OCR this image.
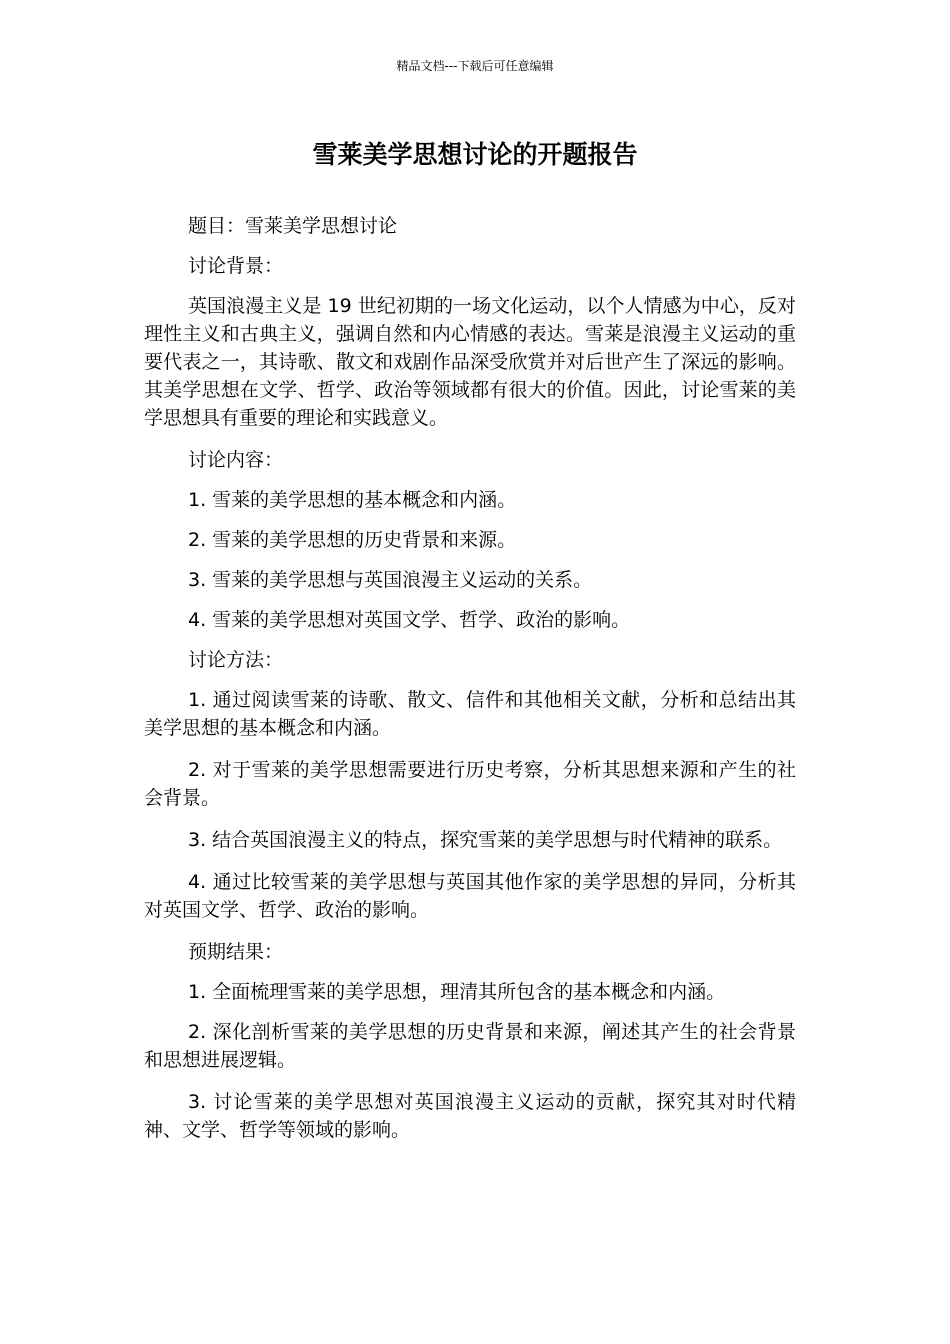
精品文档---下载后可任意编辑
雪莱美学思想讨论的开题报告

题目：雪莱美学思想讨论

讨论背景：

英国浪漫主义是 19 世纪初期的一场文化运动，以个人情感为中心，反对理性主义和古典主义，强调自然和内心情感的表达。雪莱是浪漫主义运动的重要代表之一，其诗歌、散文和戏剧作品深受欣赏并对后世产生了深远的影响。其美学思想在文学、哲学、政治等领域都有很大的价值。因此，讨论雪莱的美学思想具有重要的理论和实践意义。

讨论内容：

1. 雪莱的美学思想的基本概念和内涵。

2. 雪莱的美学思想的历史背景和来源。

3. 雪莱的美学思想与英国浪漫主义运动的关系。

4. 雪莱的美学思想对英国文学、哲学、政治的影响。

讨论方法：

1. 通过阅读雪莱的诗歌、散文、信件和其他相关文献，分析和总结出其美学思想的基本概念和内涵。

2. 对于雪莱的美学思想需要进行历史考察，分析其思想来源和产生的社会背景。

3. 结合英国浪漫主义的特点，探究雪莱的美学思想与时代精神的联系。

4. 通过比较雪莱的美学思想与英国其他作家的美学思想的异同，分析其对英国文学、哲学、政治的影响。

预期结果：

1. 全面梳理雪莱的美学思想，理清其所包含的基本概念和内涵。

2. 深化剖析雪莱的美学思想的历史背景和来源，阐述其产生的社会背景和思想进展逻辑。

3. 讨论雪莱的美学思想对英国浪漫主义运动的贡献，探究其对时代精神、文学、哲学等领域的影响。
